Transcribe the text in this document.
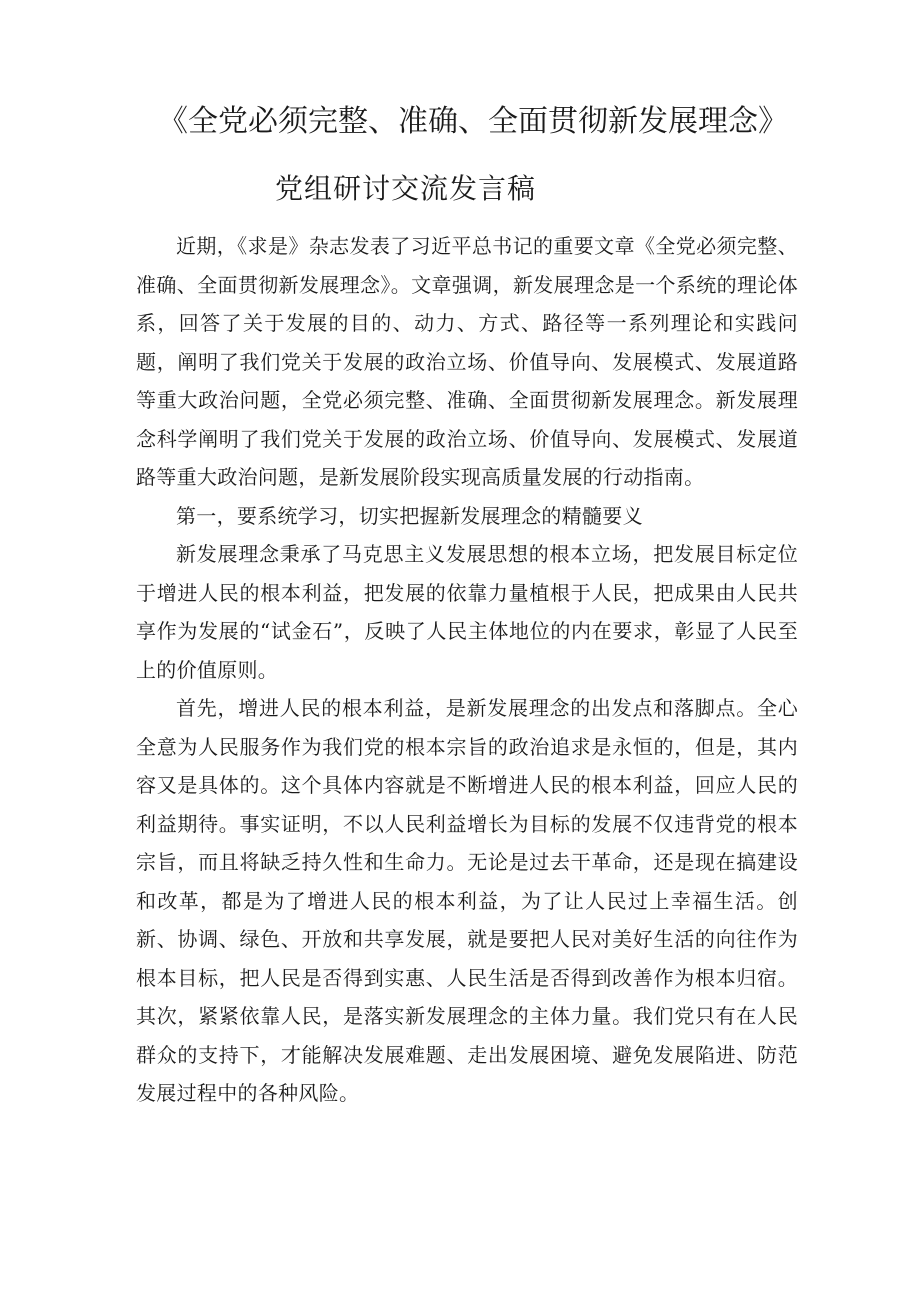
《全党必须完整、准确、全面贯彻新发展理念》
党组研讨交流发言稿

近期，《求是》杂志发表了习近平总书记的重要文章《全党必须完整、准确、全面贯彻新发展理念》。文章强调，新发展理念是一个系统的理论体系，回答了关于发展的目的、动力、方式、路径等一系列理论和实践问题，阐明了我们党关于发展的政治立场、价值导向、发展模式、发展道路等重大政治问题，全党必须完整、准确、全面贯彻新发展理念。新发展理念科学阐明了我们党关于发展的政治立场、价值导向、发展模式、发展道路等重大政治问题，是新发展阶段实现高质量发展的行动指南。

第一，要系统学习，切实把握新发展理念的精髓要义

新发展理念秉承了马克思主义发展思想的根本立场，把发展目标定位于增进人民的根本利益，把发展的依靠力量植根于人民，把成果由人民共享作为发展的“试金石”，反映了人民主体地位的内在要求，彰显了人民至上的价值原则。

首先，增进人民的根本利益，是新发展理念的出发点和落脚点。全心全意为人民服务作为我们党的根本宗旨的政治追求是永恒的，但是，其内容又是具体的。这个具体内容就是不断增进人民的根本利益，回应人民的利益期待。事实证明，不以人民利益增长为目标的发展不仅违背党的根本宗旨，而且将缺乏持久性和生命力。无论是过去干革命，还是现在搞建设和改革，都是为了增进人民的根本利益，为了让人民过上幸福生活。创新、协调、绿色、开放和共享发展，就是要把人民对美好生活的向往作为根本目标，把人民是否得到实惠、人民生活是否得到改善作为根本归宿。其次，紧紧依靠人民，是落实新发展理念的主体力量。我们党只有在人民群众的支持下，才能解决发展难题、走出发展困境、避免发展陷进、防范发展过程中的各种风险。
